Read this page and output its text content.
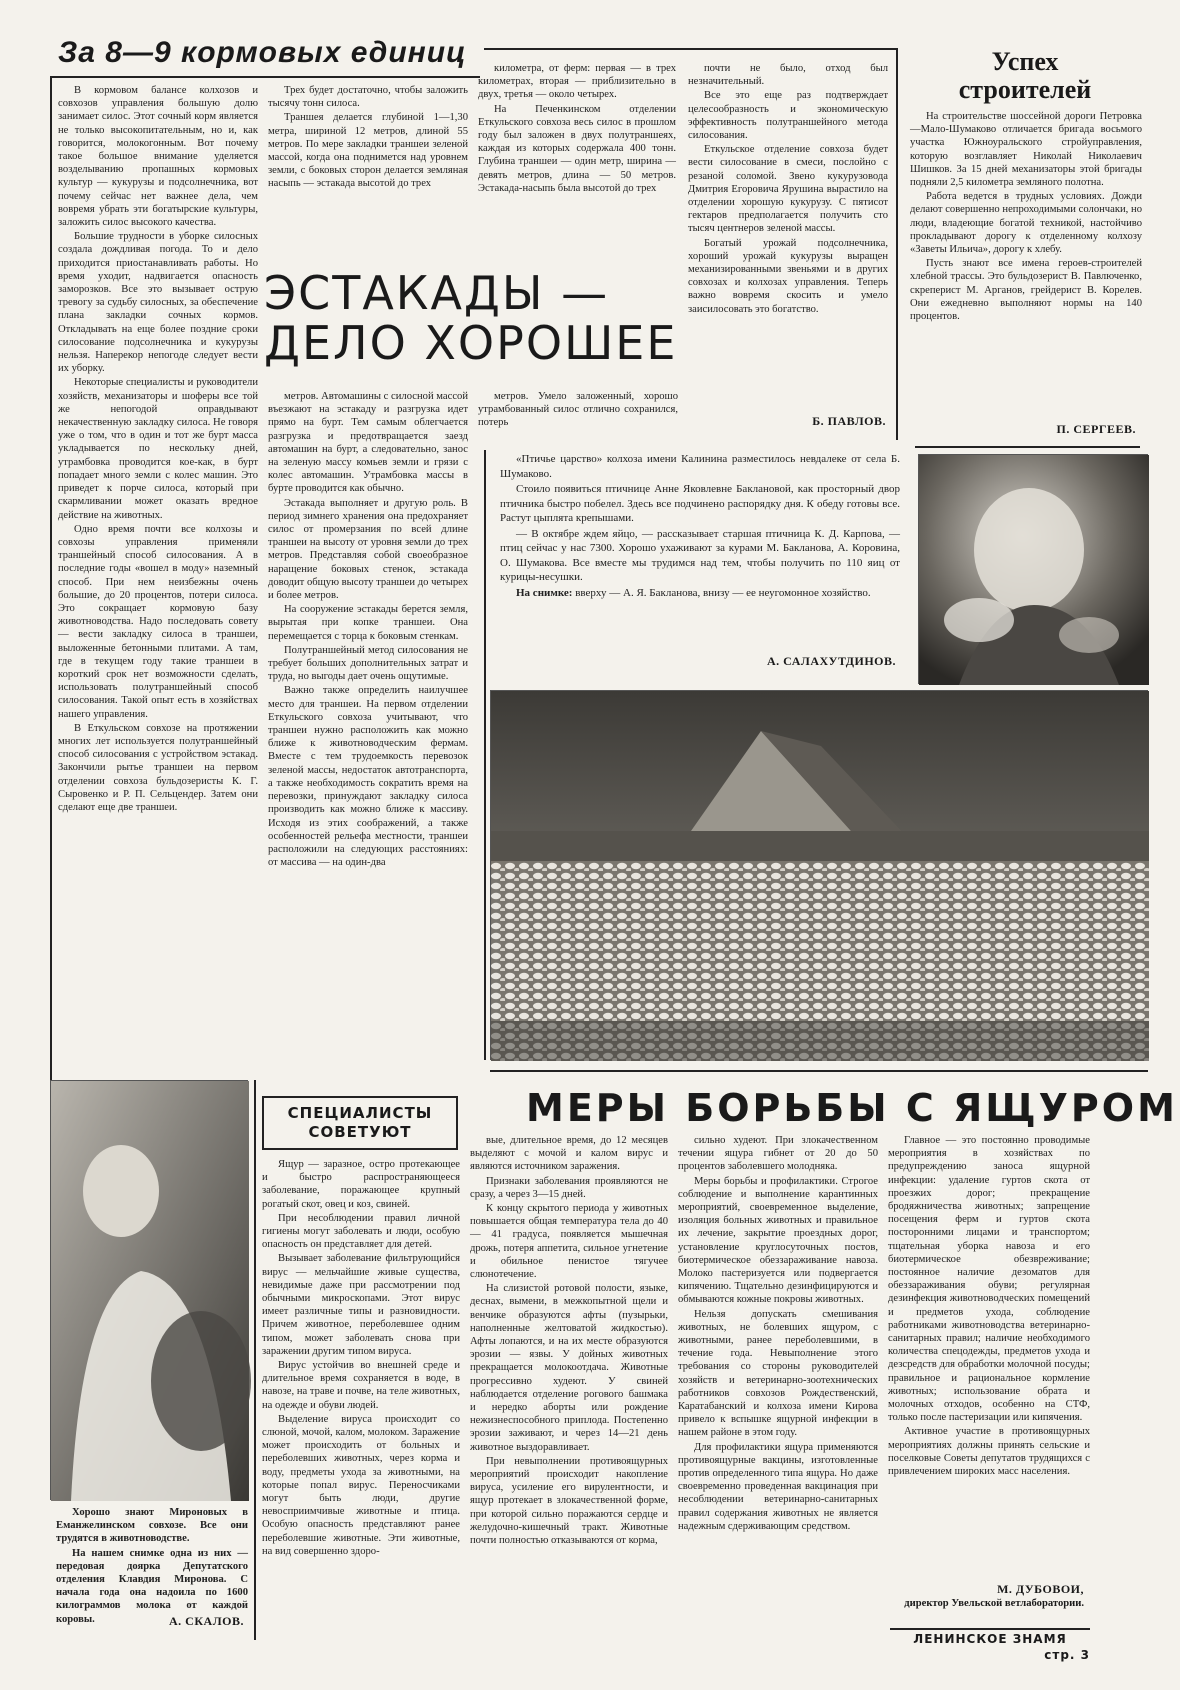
За 8—9 кормовых единиц

В кормовом балансе колхозов и совхозов управления большую долю занимает силос. Этот сочный корм является не только высокопитательным, но и, как говорится, молокогонным. Вот почему такое большое внимание уделяется возделыванию пропашных кормовых культур — кукурузы и подсолнечника, вот почему сейчас нет важнее дела, чем вовремя убрать эти богатырские культуры, заложить силос высокого качества.

Большие трудности в уборке силосных создала дождливая погода. То и дело приходится приостанавливать работы. Но время уходит, надвигается опасность заморозков. Все это вызывает острую тревогу за судьбу силосных, за обеспечение плана закладки сочных кормов. Откладывать на еще более поздние сроки силосование подсолнечника и кукурузы нельзя. Наперекор непогоде следует вести их уборку.

Некоторые специалисты и руководители хозяйств, механизаторы и шоферы все той же непогодой оправдывают некачественную закладку силоса. Не говоря уже о том, что в один и тот же бурт масса укладывается по нескольку дней, утрамбовка проводится кое-как, в бурт попадает много земли с колес машин. Это приведет к порче силоса, который при скармливании может оказать вредное действие на животных.

Одно время почти все колхозы и совхозы управления применяли траншейный способ силосования. А в последние годы «вошел в моду» наземный способ. При нем неизбежны очень большие, до 20 процентов, потери силоса. Это сокращает кормовую базу животноводства. Надо последовать совету — вести закладку силоса в траншеи, выложенные бетонными плитами. А там, где в текущем году такие траншеи в короткий срок нет возможности сделать, использовать полутраншейный способ силосования. Такой опыт есть в хозяйствах нашего управления.

В Еткульском совхозе на протяжении многих лет используется полутраншейный способ силосования с устройством эстакад. Закончили рытье траншеи на первом отделении совхоза бульдозеристы К. Г. Сыровенко и Р. П. Сельцендер. Затем они сделают еще две траншеи.

Трех будет достаточно, чтобы заложить тысячу тонн силоса.

Траншея делается глубиной 1—1,30 метра, шириной 12 метров, длиной 55 метров. По мере закладки траншеи зеленой массой, когда она поднимется над уровнем земли, с боковых сторон делается земляная насыпь — эстакада высотой до трех

километра, от ферм: первая — в трех километрах, вторая — приблизительно в двух, третья — около четырех.

На Печенкинском отделении Еткульского совхоза весь силос в прошлом году был заложен в двух полутраншеях, каждая из которых содержала 400 тонн. Глубина траншеи — один метр, ширина — девять метров, длина — 50 метров. Эстакада-насыпь была высотой до трех

почти не было, отход был незначительный.

Все это еще раз подтверждает целесообразность и экономическую эффективность полутраншейного метода силосования.

Еткульское отделение совхоза будет вести силосование в смеси, послойно с резаной соломой. Звено кукурузовода Дмитрия Егоровича Ярушина вырастило на отделении хорошую кукурузу. С пятисот гектаров предполагается получить сто тысяч центнеров зеленой массы.

Богатый урожай подсолнечника, хороший урожай кукурузы выращен механизированными звеньями и в других совхозах и колхозах управления. Теперь важно вовремя скосить и умело заисилосовать это богатство.

Б. ПАВЛОВ.
ЭСТАКАДЫ —
ДЕЛО ХОРОШЕЕ

метров. Автомашины с силосной массой въезжают на эстакаду и разгрузка идет прямо на бурт. Тем самым облегчается разгрузка и предотвращается заезд автомашин на бурт, а следовательно, занос на зеленую массу комьев земли и грязи с колес автомашин. Утрамбовка массы в бурте проводится как обычно.

Эстакада выполняет и другую роль. В период зимнего хранения она предохраняет силос от промерзания по всей длине траншеи на высоту от уровня земли до трех метров. Представляя собой своеобразное наращение боковых стенок, эстакада доводит общую высоту траншеи до четырех и более метров.

На сооружение эстакады берется земля, вырытая при копке траншеи. Она перемещается с торца к боковым стенкам.

Полутраншейный метод силосования не требует больших дополнительных затрат и труда, но выгоды дает очень ощутимые.

Важно также определить наилучшее место для траншеи. На первом отделении Еткульского совхоза учитывают, что траншеи нужно расположить как можно ближе к животноводческим фермам. Вместе с тем трудоемкость перевозок зеленой массы, недостаток автотранспорта, а также необходимость сократить время на перевозки, принуждают закладку силоса производить как можно ближе к массиву. Исходя из этих соображений, а также особенностей рельефа местности, траншеи расположили на следующих расстояниях: от массива — на один-два

метров. Умело заложенный, хорошо утрамбованный силос отлично сохранился, потерь

Успех
строителей

На строительстве шоссейной дороги Петровка—Мало-Шумаково отличается бригада восьмого участка Южноуральского стройуправления, которую возглавляет Николай Николаевич Шишков. За 15 дней механизаторы этой бригады подняли 2,5 километра земляного полотна.

Работа ведется в трудных условиях. Дожди делают совершенно непроходимыми солончаки, но люди, владеющие богатой техникой, настойчиво прокладывают дорогу к отделенному колхозу «Заветы Ильича», дорогу к хлебу.

Пусть знают все имена героев-строителей хлебной трассы. Это бульдозерист В. Павлюченко, скреперист М. Арганов, грейдерист В. Корелев. Они ежедневно выполняют нормы на 140 процентов.

П. СЕРГЕЕВ.

«Птичье царство» колхоза имени Калинина разместилось невдалеке от села Б. Шумаково.

Стоило появиться птичнице Анне Яковлевне Баклановой, как просторный двор птичника быстро побелел. Здесь все подчинено распорядку дня. К обеду готовы все. Растут цыплята крепышами.

— В октябре ждем яйцо, — рассказывает старшая птичница К. Д. Карпова, — птиц сейчас у нас 7300. Хорошо ухаживают за курами М. Бакланова, А. Коровина, О. Шумакова. Все вместе мы трудимся над тем, чтобы получить по 110 яиц от курицы-несушки.

На снимке: вверху — А. Я. Бакланова, внизу — ее неугомонное хозяйство.

А. САЛАХУТДИНОВ.

Хорошо знают Мироновых в Еманжелинском совхозе. Все они трудятся в животноводстве.

На нашем снимке одна из них — передовая доярка Депутатского отделения Клавдия Миронова. С начала года она надоила по 1600 килограммов молока от каждой коровы.	А. СКАЛОВ.
СПЕЦИАЛИСТЫ
СОВЕТУЮТ
МЕРЫ БОРЬБЫ С ЯЩУРОМ

Ящур — заразное, остро протекающее и быстро распространяющееся заболевание, поражающее крупный рогатый скот, овец и коз, свиней.

При несоблюдении правил личной гигиены могут заболевать и люди, особую опасность он представляет для детей.

Вызывает заболевание фильтрующийся вирус — мельчайшие живые существа, невидимые даже при рассмотрении под обычными микроскопами. Этот вирус имеет различные типы и разновидности. Причем животное, переболевшее одним типом, может заболевать снова при заражении другим типом вируса.

Вирус устойчив во внешней среде и длительное время сохраняется в воде, в навозе, на траве и почве, на теле животных, на одежде и обуви людей.

Выделение вируса происходит со слюной, мочой, калом, молоком. Заражение может происходить от больных и переболевших животных, через корма и воду, предметы ухода за животными, на которые попал вирус. Переносчиками могут быть люди, другие невосприимчивые животные и птица. Особую опасность представляют ранее переболевшие животные. Эти животные, на вид совершенно здоро-

вые, длительное время, до 12 месяцев выделяют с мочой и калом вирус и являются источником заражения.

Признаки заболевания проявляются не сразу, а через 3—15 дней.

К концу скрытого периода у животных повышается общая температура тела до 40 — 41 градуса, появляется мышечная дрожь, потеря аппетита, сильное угнетение и обильное пенистое тягучее слюнотечение.

На слизистой ротовой полости, языке, деснах, вымени, в межкопытной щели и венчике образуются афты (пузырьки, наполненные желтоватой жидкостью). Афты лопаются, и на их месте образуются эрозии — язвы. У дойных животных прекращается молокоотдача. Животные прогрессивно худеют. У свиней наблюдается отделение рогового башмака и нередко аборты или рождение нежизнеспособного приплода. Постепенно эрозии заживают, и через 14—21 день животное выздоравливает.

При невыполнении противоящурных мероприятий происходит накопление вируса, усиление его вирулентности, и ящур протекает в злокачественной форме, при которой сильно поражаются сердце и желудочно-кишечный тракт. Животные почти полностью отказываются от корма,

сильно худеют. При злокачественном течении ящура гибнет от 20 до 50 процентов заболевшего молодняка.

Меры борьбы и профилактики. Строгое соблюдение и выполнение карантинных мероприятий, своевременное выделение, изоляция больных животных и правильное их лечение, закрытие проездных дорог, установление круглосуточных постов, биотермическое обеззараживание навоза. Молоко пастеризуется или подвергается кипячению. Тщательно дезинфицируются и обмываются кожные покровы животных.

Нельзя допускать смешивания животных, не болевших ящуром, с животными, ранее переболевшими, в течение года. Невыполнение этого требования со стороны руководителей хозяйств и ветеринарно-зоотехнических работников совхозов Рождественский, Каратабанский и колхоза имени Кирова привело к вспышке ящурной инфекции в нашем районе в этом году.

Для профилактики ящура применяются противоящурные вакцины, изготовленные против определенного типа ящура. Но даже своевременно проведенная вакцинация при несоблюдении ветеринарно-санитарных правил содержания животных не является надежным сдерживающим средством.

Главное — это постоянно проводимые мероприятия в хозяйствах по предупреждению заноса ящурной инфекции: удаление гуртов скота от проезжих дорог; прекращение бродяжничества животных; запрещение посещения ферм и гуртов скота посторонними лицами и транспортом; тщательная уборка навоза и его биотермическое обезвреживание; постоянное наличие дезоматов для обеззараживания обуви; регулярная дезинфекция животноводческих помещений и предметов ухода, соблюдение работниками животноводства ветеринарно-санитарных правил; наличие необходимого количества спецодежды, предметов ухода и дезсредств для обработки молочной посуды; правильное и рациональное кормление животных; использование обрата и молочных отходов, особенно на СТФ, только после пастеризации или кипячения.

Активное участие в противоящурных мероприятиях должны принять сельские и поселковые Советы депутатов трудящихся с привлечением широких масс населения.

М. ДУБОВОИ,
директор Увельской ветлаборатории.
ЛЕНИНСКОЕ ЗНАМЯ
стр. 3
